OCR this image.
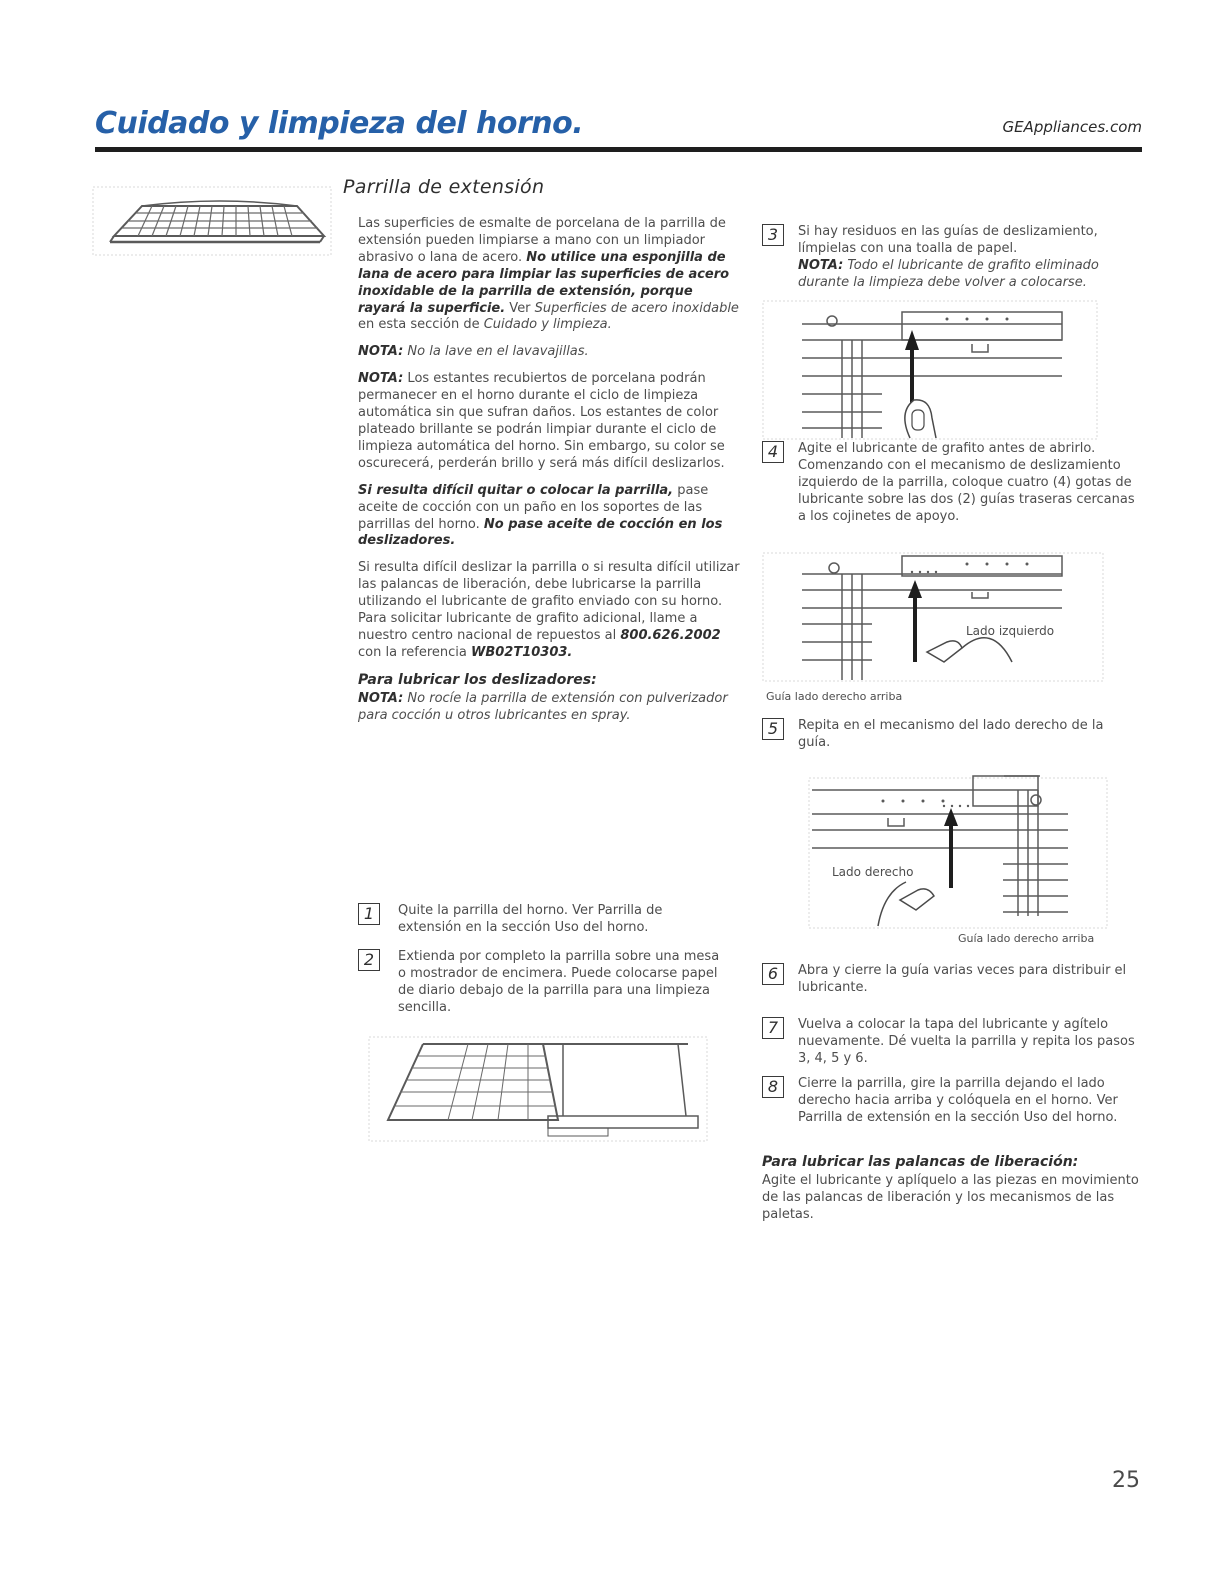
Cuidado y limpieza del horno.	GEAppliances.com
Parrilla de extensión

Las superficies de esmalte de porcelana de la parrilla de extensión pueden limpiarse a mano con un limpiador abrasivo o lana de acero. No utilice una esponjilla de lana de acero para limpiar las superficies de acero inoxidable de la parrilla de extensión, porque rayará la superficie. Ver Superficies de acero inoxidable en esta sección de Cuidado y limpieza.

NOTA: No la lave en el lavavajillas.

NOTA: Los estantes recubiertos de porcelana podrán permanecer en el horno durante el ciclo de limpieza automática sin que sufran daños. Los estantes de color plateado brillante se podrán limpiar durante el ciclo de limpieza automática del horno. Sin embargo, su color se oscurecerá, perderán brillo y será más difícil deslizarlos.

Si resulta difícil quitar o colocar la parrilla, pase aceite de cocción con un paño en los soportes de las parrillas del horno. No pase aceite de cocción en los deslizadores.

Si resulta difícil deslizar la parrilla o si resulta difícil utilizar las palancas de liberación, debe lubricarse la parrilla utilizando el lubricante de grafito enviado con su horno. Para solicitar lubricante de grafito adicional, llame a nuestro centro nacional de repuestos al 800.626.2002 con la referencia WB02T10303.

Para lubricar los deslizadores:

NOTA: No rocíe la parrilla de extensión con pulverizador para cocción u otros lubricantes en spray.

1	Quite la parrilla del horno. Ver Parrilla de extensión en la sección Uso del horno.
2	Extienda por completo la parrilla sobre una mesa o mostrador de encimera. Puede colocarse papel de diario debajo de la parrilla para una limpieza sencilla.
3	Si hay residuos en las guías de deslizamiento, límpielas con una toalla de papel.
NOTA: Todo el lubricante de grafito eliminado durante la limpieza debe volver a colocarse.
4	Agite el lubricante de grafito antes de abrirlo. Comenzando con el mecanismo de deslizamiento izquierdo de la parrilla, coloque cuatro (4) gotas de lubricante sobre las dos (2) guías traseras cercanas a los cojinetes de apoyo.
Lado izquierdo
Guía lado derecho arriba
5	Repita en el mecanismo del lado derecho de la guía.
Lado derecho
Guía lado derecho arriba
6	Abra y cierre la guía varias veces para distribuir el lubricante.
7	Vuelva a colocar la tapa del lubricante y agítelo nuevamente. Dé vuelta la parrilla y repita los pasos 3, 4, 5 y 6.
8	Cierre la parrilla, gire la parrilla dejando el lado derecho hacia arriba y colóquela en el horno. Ver Parrilla de extensión en la sección Uso del horno.

Para lubricar las palancas de liberación:

Agite el lubricante y aplíquelo a las piezas en movimiento de las palancas de liberación y los mecanismos de las paletas.

25
